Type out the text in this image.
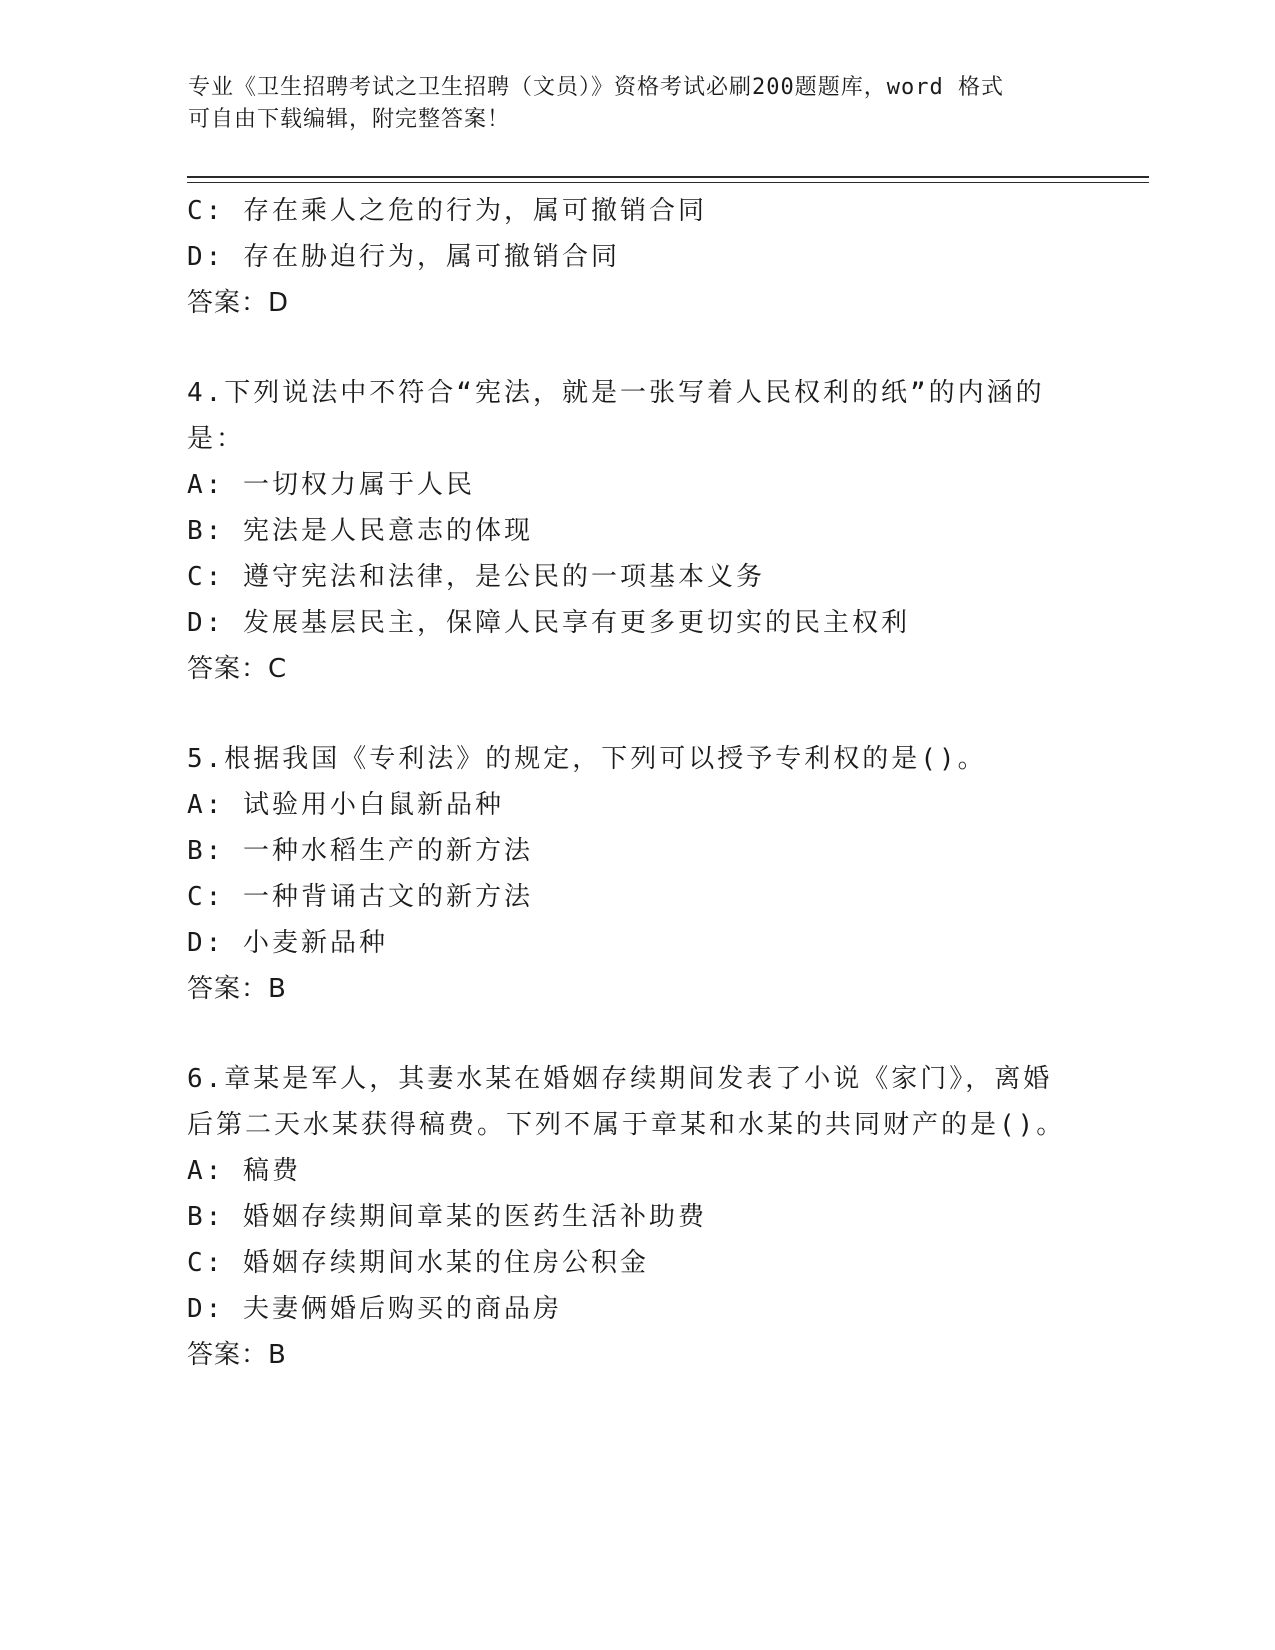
专业《卫生招聘考试之卫生招聘（文员）》资格考试必刷200题题库，word 格式
可自由下载编辑，附完整答案！
C: 存在乘人之危的行为，属可撤销合同
D: 存在胁迫行为，属可撤销合同
答案：D
4.下列说法中不符合“宪法，就是一张写着人民权利的纸”的内涵的
是：
A: 一切权力属于人民
B: 宪法是人民意志的体现
C: 遵守宪法和法律，是公民的一项基本义务
D: 发展基层民主，保障人民享有更多更切实的民主权利
答案：C
5.根据我国《专利法》的规定，下列可以授予专利权的是()。
A: 试验用小白鼠新品种
B: 一种水稻生产的新方法
C: 一种背诵古文的新方法
D: 小麦新品种
答案：B
6.章某是军人，其妻水某在婚姻存续期间发表了小说《家门》，离婚
后第二天水某获得稿费。下列不属于章某和水某的共同财产的是()。
A: 稿费
B: 婚姻存续期间章某的医药生活补助费
C: 婚姻存续期间水某的住房公积金
D: 夫妻俩婚后购买的商品房
答案：B
